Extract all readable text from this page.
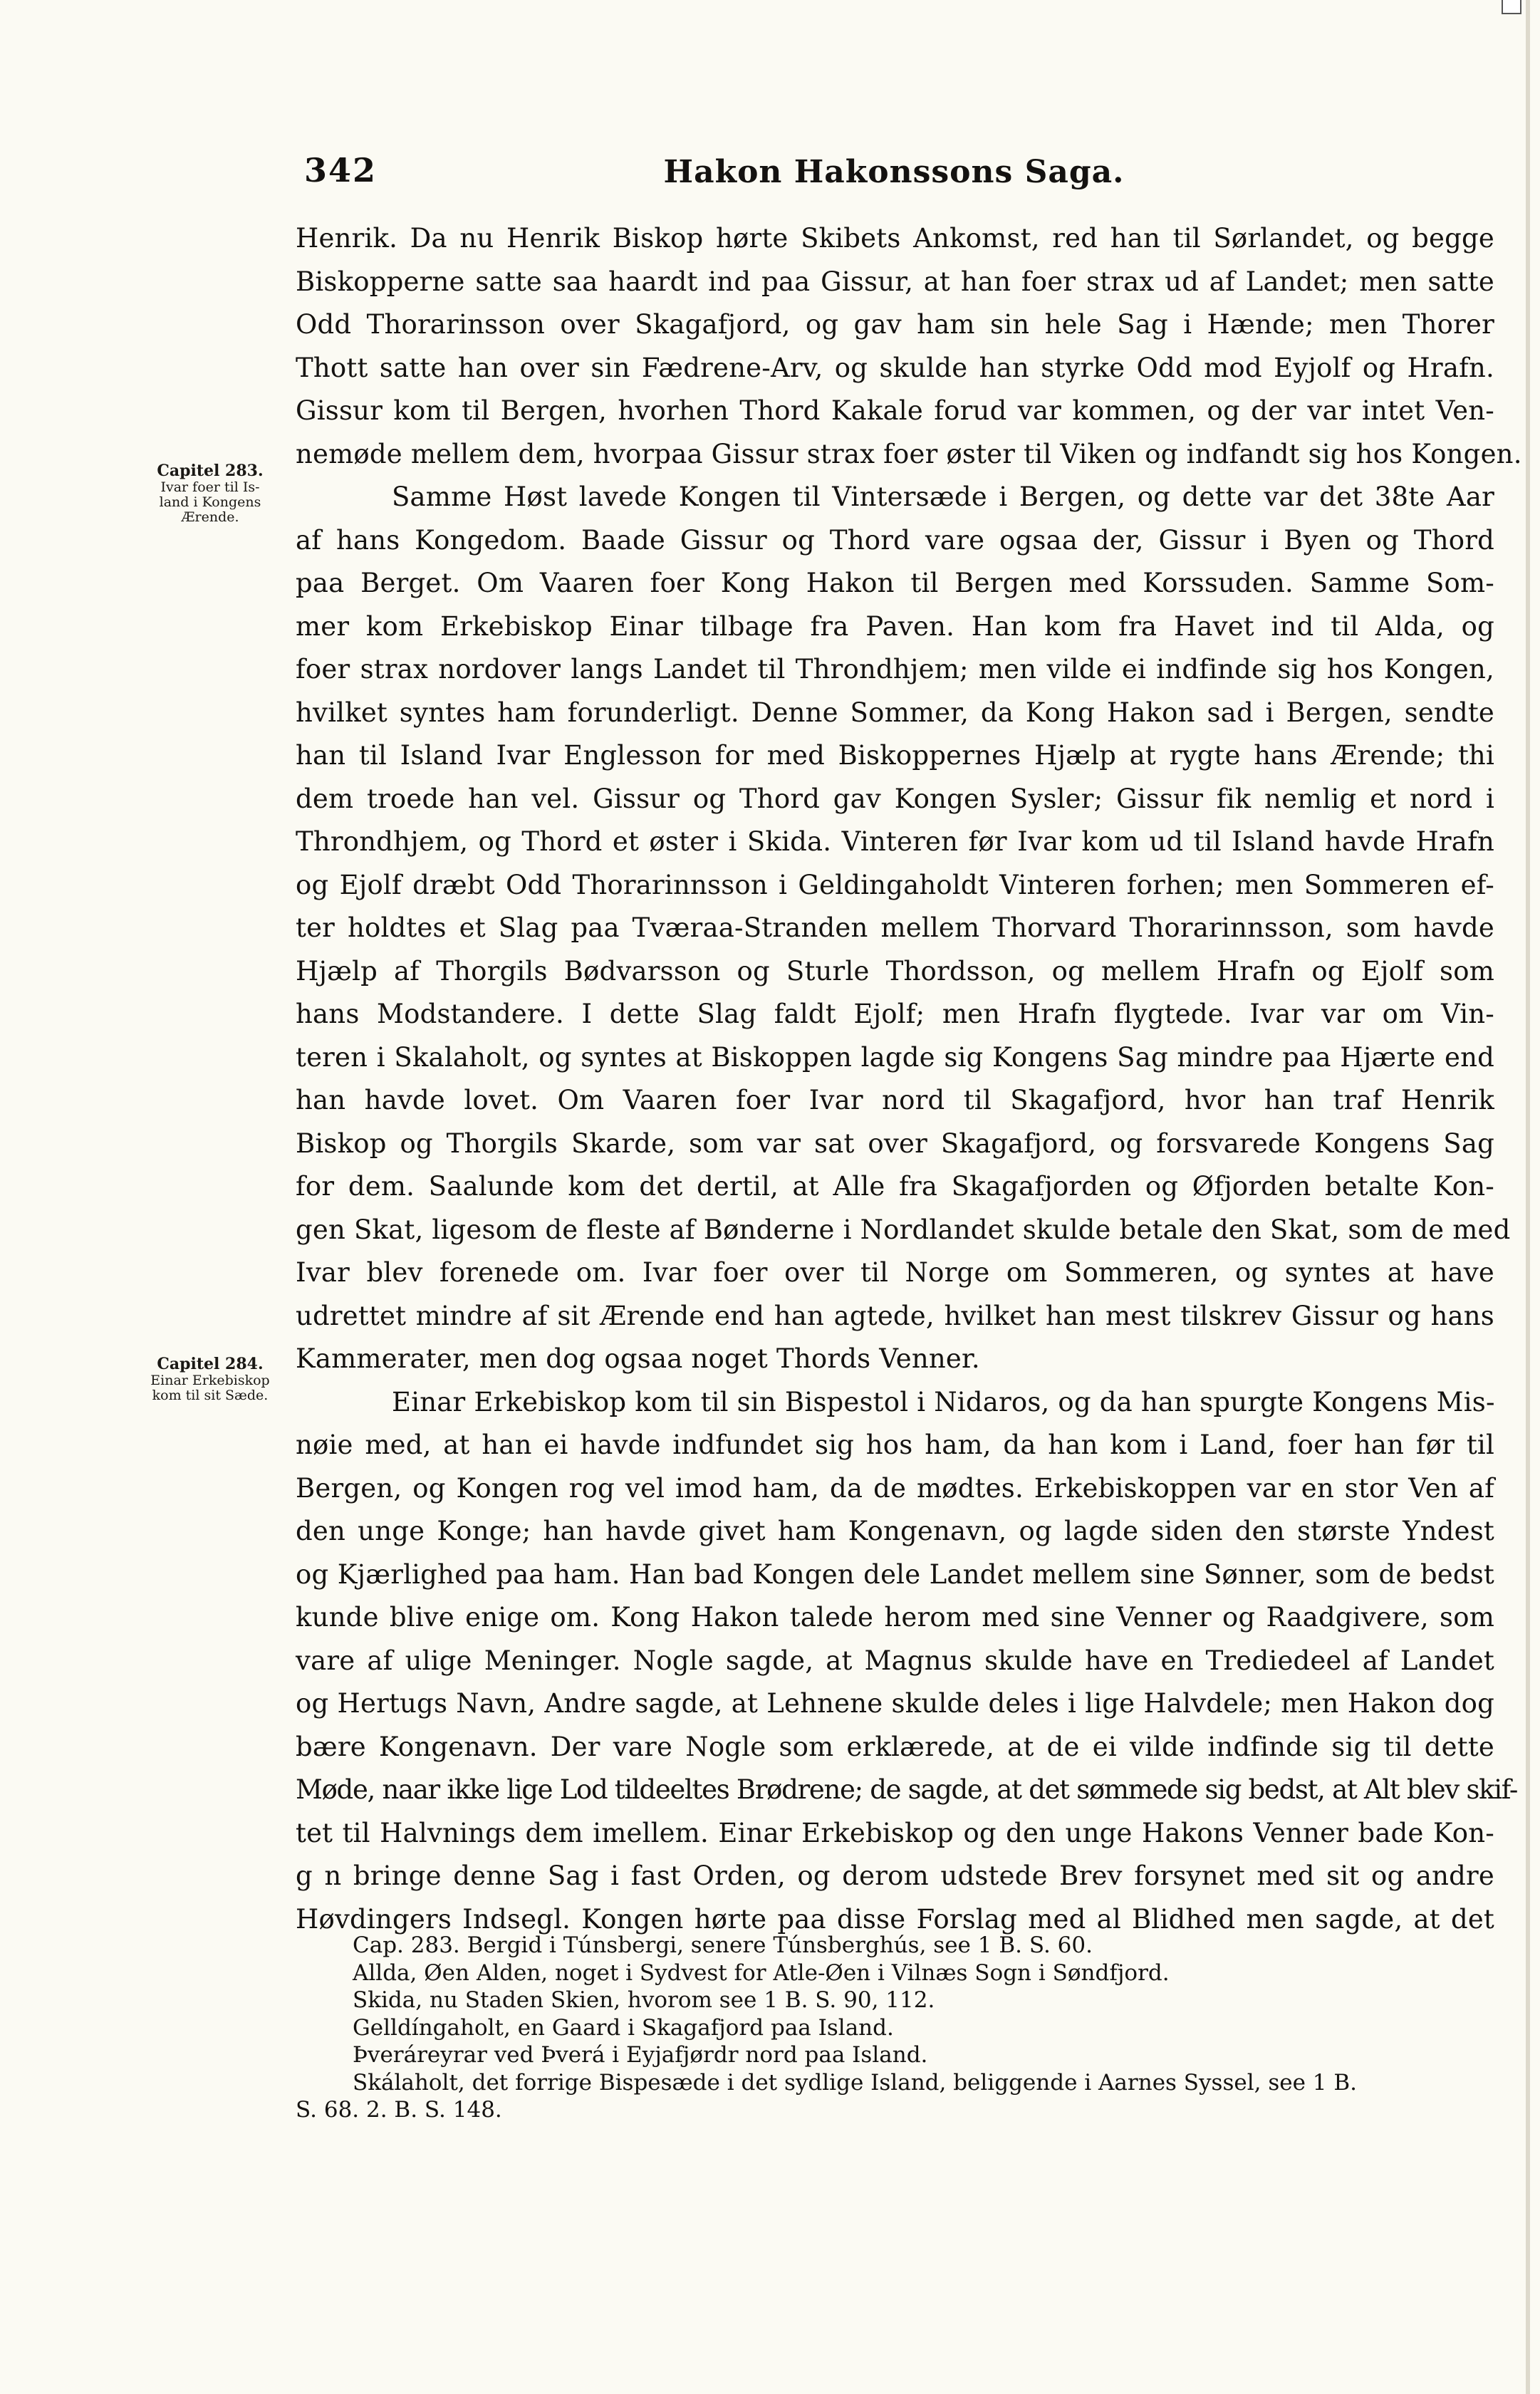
342	Hakon Hakonssons Saga.
Capitel 283.
Ivar foer til Is-
land i Kongens
Ærende.
Capitel 284.
Einar Erkebiskop
kom til sit Sæde.
Henrik. Da nu Henrik Biskop hørte Skibets Ankomst, red han til Sørlandet, og begge
Biskopperne satte saa haardt ind paa Gissur, at han foer strax ud af Landet; men satte
Odd Thorarinsson over Skagafjord, og gav ham sin hele Sag i Hænde; men Thorer
Thott satte han over sin Fædrene-Arv, og skulde han styrke Odd mod Eyjolf og Hrafn.
Gissur kom til Bergen, hvorhen Thord Kakale forud var kommen, og der var intet Ven-
nemøde mellem dem, hvorpaa Gissur strax foer øster til Viken og indfandt sig hos Kongen.
Samme Høst lavede Kongen til Vintersæde i Bergen, og dette var det 38te Aar
af hans Kongedom. Baade Gissur og Thord vare ogsaa der, Gissur i Byen og Thord
paa Berget. Om Vaaren foer Kong Hakon til Bergen med Korssuden. Samme Som-
mer kom Erkebiskop Einar tilbage fra Paven. Han kom fra Havet ind til Alda, og
foer strax nordover langs Landet til Throndhjem; men vilde ei indfinde sig hos Kongen,
hvilket syntes ham forunderligt. Denne Sommer, da Kong Hakon sad i Bergen, sendte
han til Island Ivar Englesson for med Biskoppernes Hjælp at rygte hans Ærende; thi
dem troede han vel. Gissur og Thord gav Kongen Sysler; Gissur fik nemlig et nord i
Throndhjem, og Thord et øster i Skida. Vinteren før Ivar kom ud til Island havde Hrafn
og Ejolf dræbt Odd Thorarinnsson i Geldingaholdt Vinteren forhen; men Sommeren ef-
ter holdtes et Slag paa Tværaa-Stranden mellem Thorvard Thorarinnsson, som havde
Hjælp af Thorgils Bødvarsson og Sturle Thordsson, og mellem Hrafn og Ejolf som
hans Modstandere. I dette Slag faldt Ejolf; men Hrafn flygtede. Ivar var om Vin-
teren i Skalaholt, og syntes at Biskoppen lagde sig Kongens Sag mindre paa Hjærte end
han havde lovet. Om Vaaren foer Ivar nord til Skagafjord, hvor han traf Henrik
Biskop og Thorgils Skarde, som var sat over Skagafjord, og forsvarede Kongens Sag
for dem. Saalunde kom det dertil, at Alle fra Skagafjorden og Øfjorden betalte Kon-
gen Skat, ligesom de fleste af Bønderne i Nordlandet skulde betale den Skat, som de med
Ivar blev forenede om. Ivar foer over til Norge om Sommeren, og syntes at have
udrettet mindre af sit Ærende end han agtede, hvilket han mest tilskrev Gissur og hans
Kammerater, men dog ogsaa noget Thords Venner.
Einar Erkebiskop kom til sin Bispestol i Nidaros, og da han spurgte Kongens Mis-
nøie med, at han ei havde indfundet sig hos ham, da han kom i Land, foer han før til
Bergen, og Kongen rog vel imod ham, da de mødtes. Erkebiskoppen var en stor Ven af
den unge Konge; han havde givet ham Kongenavn, og lagde siden den største Yndest
og Kjærlighed paa ham. Han bad Kongen dele Landet mellem sine Sønner, som de bedst
kunde blive enige om. Kong Hakon talede herom med sine Venner og Raadgivere, som
vare af ulige Meninger. Nogle sagde, at Magnus skulde have en Trediedeel af Landet
og Hertugs Navn, Andre sagde, at Lehnene skulde deles i lige Halvdele; men Hakon dog
bære Kongenavn. Der vare Nogle som erklærede, at de ei vilde indfinde sig til dette
Møde, naar ikke lige Lod tildeeltes Brødrene; de sagde, at det sømmede sig bedst, at Alt blev skif-
tet til Halvnings dem imellem. Einar Erkebiskop og den unge Hakons Venner bade Kon-
g n bringe denne Sag i fast Orden, og derom udstede Brev forsynet med sit og andre
Høvdingers Indsegl. Kongen hørte paa disse Forslag med al Blidhed men sagde, at det
Cap. 283. Bergid i Túnsbergi, senere Túnsberghús, see 1 B. S. 60.
Allda, Øen Alden, noget i Sydvest for Atle-Øen i Vilnæs Sogn i Søndfjord.
Skida, nu Staden Skien, hvorom see 1 B. S. 90, 112.
Gelldíngaholt, en Gaard i Skagafjord paa Island.
Þveráreyrar ved Þverá i Eyjafjørdr nord paa Island.
Skálaholt, det forrige Bispesæde i det sydlige Island, beliggende i Aarnes Syssel, see 1 B.
S. 68. 2. B. S. 148.
